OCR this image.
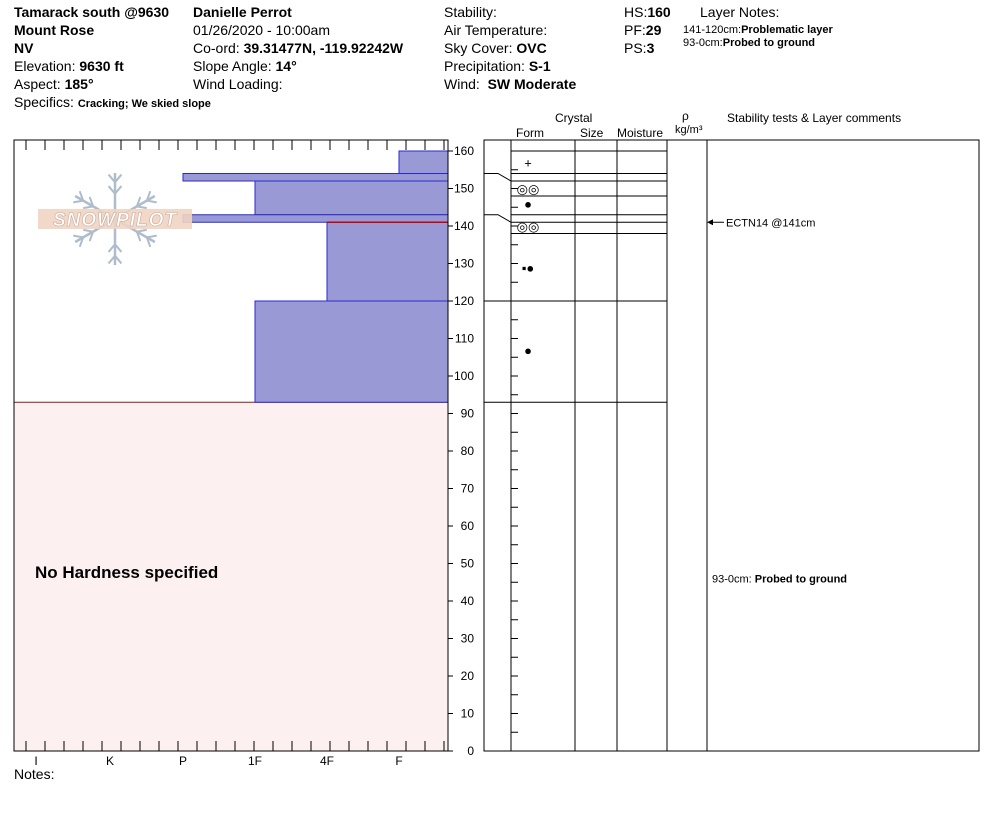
Tamarack south @9630
Mount Rose
NV
Elevation: 9630 ft
Aspect: 185°
Specifics: Cracking; We skied slope
Danielle Perrot
01/26/2020 - 10:00am
Co-ord: 39.31477N, -119.92242W
Slope Angle: 14°
Wind Loading:
Stability:
Air Temperature:
Sky Cover: OVC
Precipitation: S-1
Wind: SW Moderate
HS:160
PF:29
PS:3
Layer Notes:
141-120cm:Problematic layer
93-0cm:Probed to ground
Crystal
Form	Size Moisture
ρ
kg/m³
Stability tests & Layer comments
I	K	P	1F	4F	F
SNOWPILOT
0
10
20
30
40
50
60
70
80
90
100
110
120
130
140
150
160
+
◎◎
●
◎◎
▪●
●
ECTN14 @141cm
93-0cm: Probed to ground
No Hardness specified
Notes:
